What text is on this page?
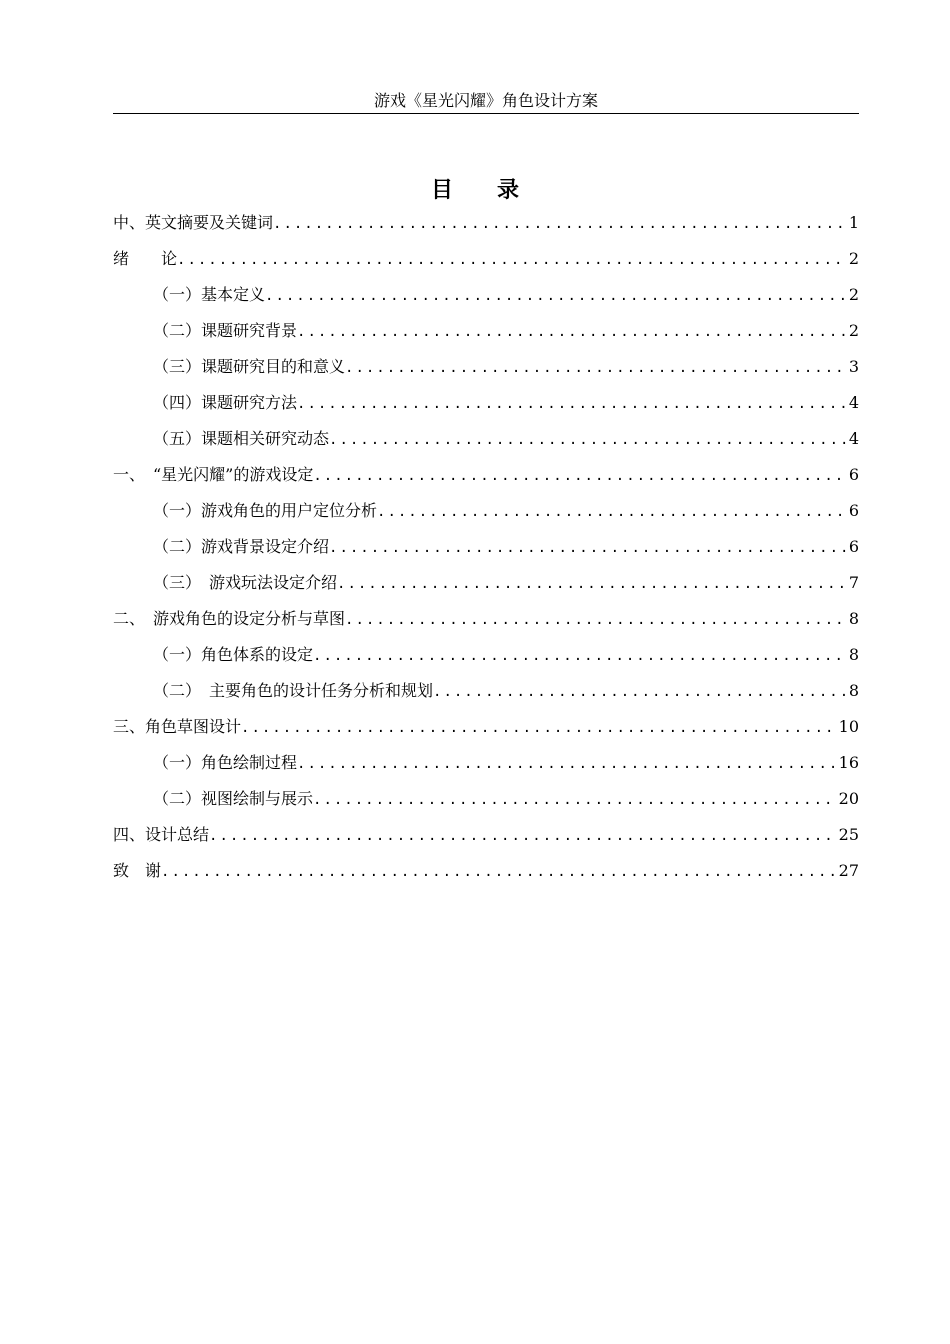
游戏《星光闪耀》角色设计方案
目 录
中、英文摘要及关键词 .....	1
绪　　论 .....	2
（一）基本定义 .....	2
（二）课题研究背景 .....	2
（三）课题研究目的和意义 .....	3
（四）课题研究方法 .....	4
（五）课题相关研究动态 .....	4
一、　“星光闪耀”的游戏设定 .....	6
（一）游戏角色的用户定位分析 .....	6
（二）游戏背景设定介绍 .....	6
（三）　游戏玩法设定介绍 .....	7
二、　游戏角色的设定分析与草图 .....	8
（一）角色体系的设定 .....	8
（二）　主要角色的设计任务分析和规划 .....	8
三、角色草图设计 .....	10
（一）角色绘制过程 .....	16
（二）视图绘制与展示 .....	20
四、设计总结 .....	25
致　谢 .....	27
